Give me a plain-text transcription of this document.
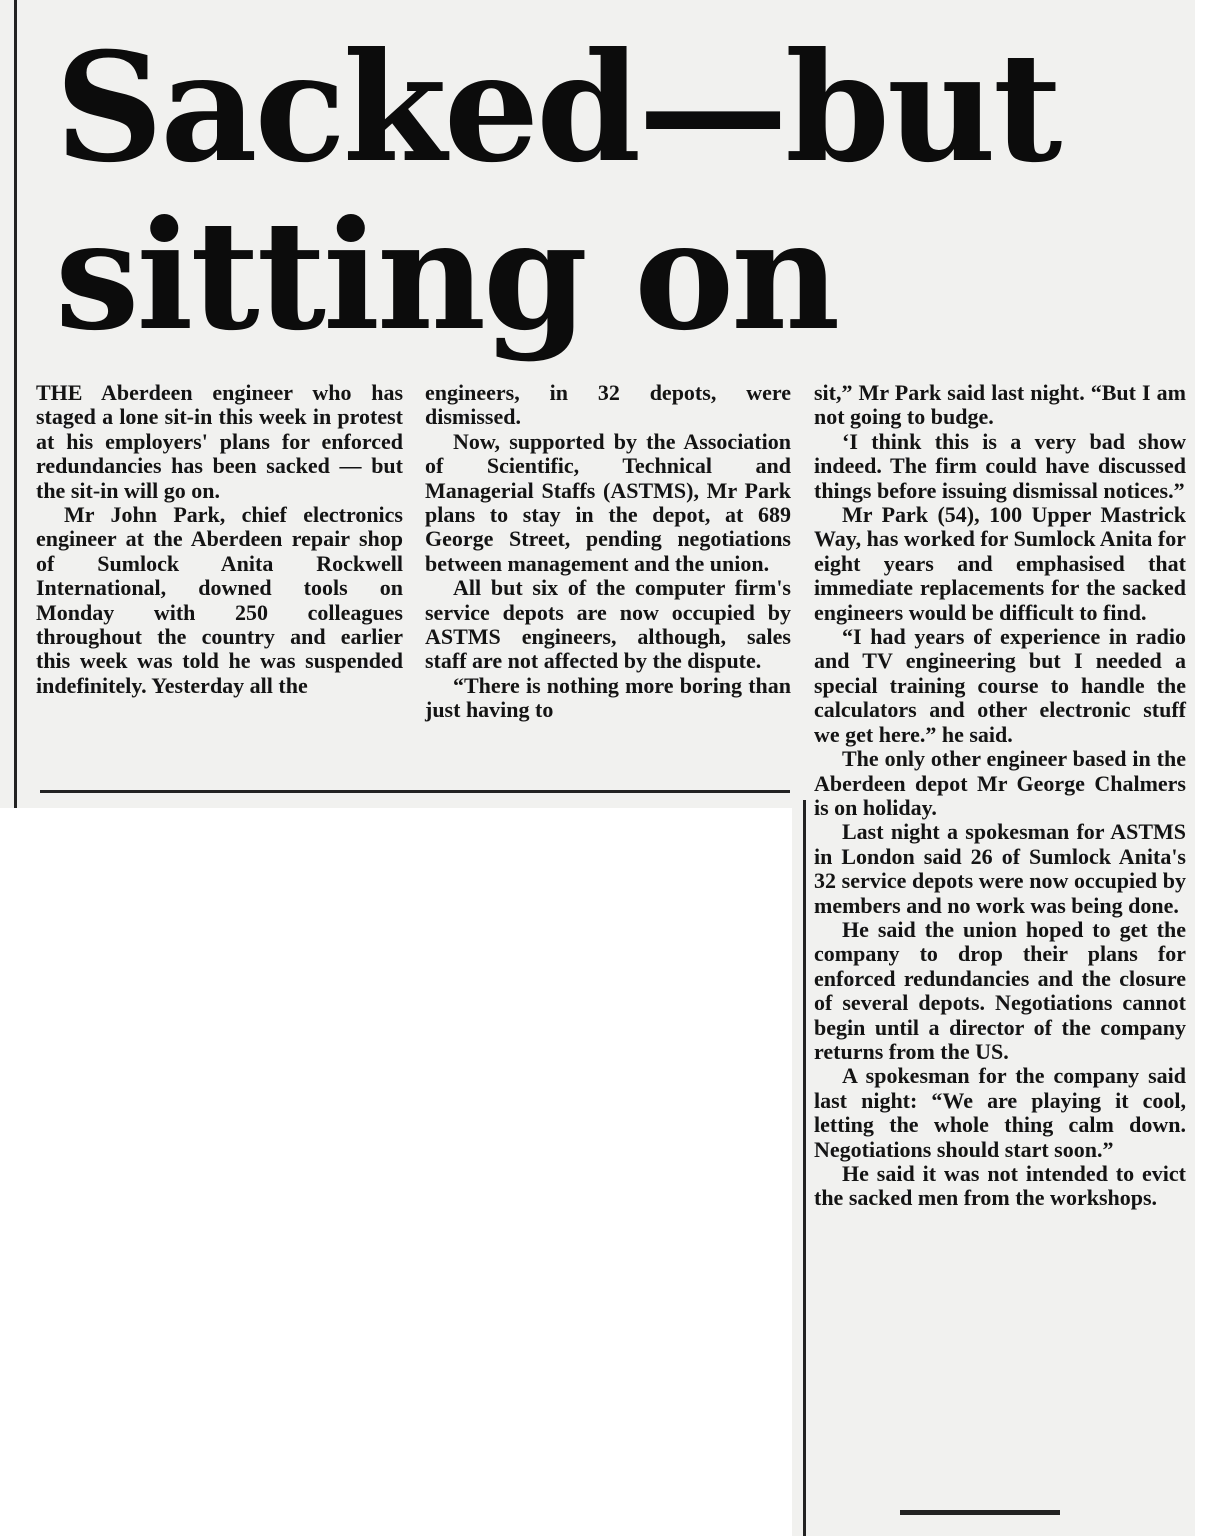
Sacked—but
sitting on

THE Aberdeen engineer who has staged a lone sit-in this week in protest at his employers' plans for enforced redundancies has been sacked — but the sit-in will go on.

Mr John Park, chief electronics engineer at the Aberdeen repair shop of Sumlock Anita Rockwell International, downed tools on Monday with 250 colleagues throughout the country and earlier this week was told he was suspended indefinitely. Yesterday all the

engineers, in 32 depots, were dismissed.

Now, supported by the Association of Scientific, Technical and Managerial Staffs (ASTMS), Mr Park plans to stay in the depot, at 689 George Street, pending negotiations between management and the union.

All but six of the computer firm's service depots are now occupied by ASTMS engineers, although, sales staff are not affected by the dispute.

“There is nothing more boring than just having to

sit,” Mr Park said last night. “But I am not going to budge.

‘I think this is a very bad show indeed. The firm could have discussed things before issuing dismissal notices.”

Mr Park (54), 100 Upper Mastrick Way, has worked for Sumlock Anita for eight years and emphasised that immediate replacements for the sacked engineers would be difficult to find.

“I had years of experience in radio and TV engineering but I needed a special training course to handle the calculators and other electronic stuff we get here.” he said.

The only other engineer based in the Aberdeen depot Mr George Chalmers is on holiday.

Last night a spokesman for ASTMS in London said 26 of Sumlock Anita's 32 service depots were now occupied by members and no work was being done.

He said the union hoped to get the company to drop their plans for enforced redundancies and the closure of several depots. Negotiations cannot begin until a director of the company returns from the US.

A spokesman for the company said last night: “We are playing it cool, letting the whole thing calm down. Negotiations should start soon.”

He said it was not intended to evict the sacked men from the workshops.
